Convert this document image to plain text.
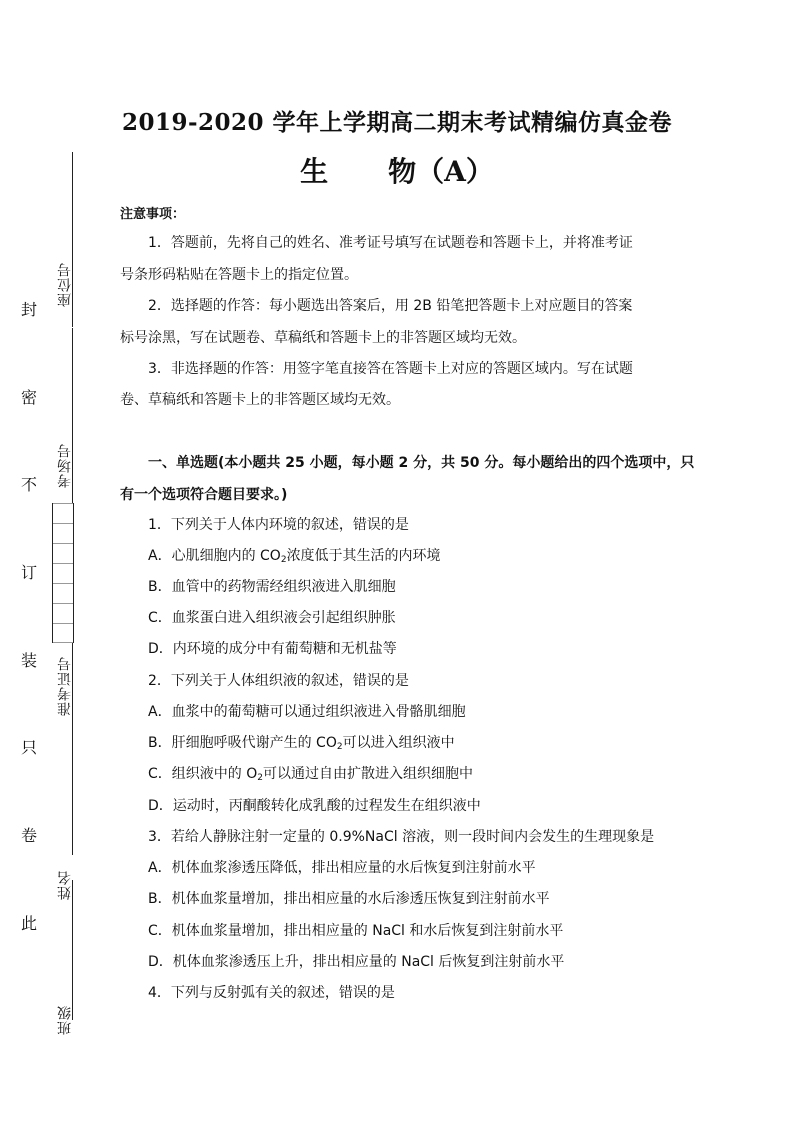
座位号
考场号
准考证号
姓名
班级
封
密
不
订
装
只
卷
此
2019-2020 学年上学期高二期末考试精编仿真金卷
生 物（A）
注意事项：
1．答题前，先将自己的姓名、准考证号填写在试题卷和答题卡上，并将准考证
号条形码粘贴在答题卡上的指定位置。
2．选择题的作答：每小题选出答案后，用 2B 铅笔把答题卡上对应题目的答案
标号涂黑，写在试题卷、草稿纸和答题卡上的非答题区域均无效。
3．非选择题的作答：用签字笔直接答在答题卡上对应的答题区域内。写在试题
卷、草稿纸和答题卡上的非答题区域均无效。
一、单选题(本小题共 25 小题，每小题 2 分，共 50 分。每小题给出的四个选项中，只
有一个选项符合题目要求。)
1．下列关于人体内环境的叙述，错误的是
A．心肌细胞内的 $CO_2$浓度低于其生活的内环境
B．血管中的药物需经组织液进入肌细胞
C．血浆蛋白进入组织液会引起组织肿胀
D．内环境的成分中有葡萄糖和无机盐等
2．下列关于人体组织液的叙述，错误的是
A．血浆中的葡萄糖可以通过组织液进入骨骼肌细胞
B．肝细胞呼吸代谢产生的 $CO_2$可以进入组织液中
C．组织液中的 $O_2$可以通过自由扩散进入组织细胞中
D．运动时，丙酮酸转化成乳酸的过程发生在组织液中
3．若给人静脉注射一定量的 0.9%NaCl 溶液，则一段时间内会发生的生理现象是
A．机体血浆渗透压降低，排出相应量的水后恢复到注射前水平
B．机体血浆量增加，排出相应量的水后渗透压恢复到注射前水平
C．机体血浆量增加，排出相应量的 NaCl 和水后恢复到注射前水平
D．机体血浆渗透压上升，排出相应量的 NaCl 后恢复到注射前水平
4．下列与反射弧有关的叙述，错误的是
